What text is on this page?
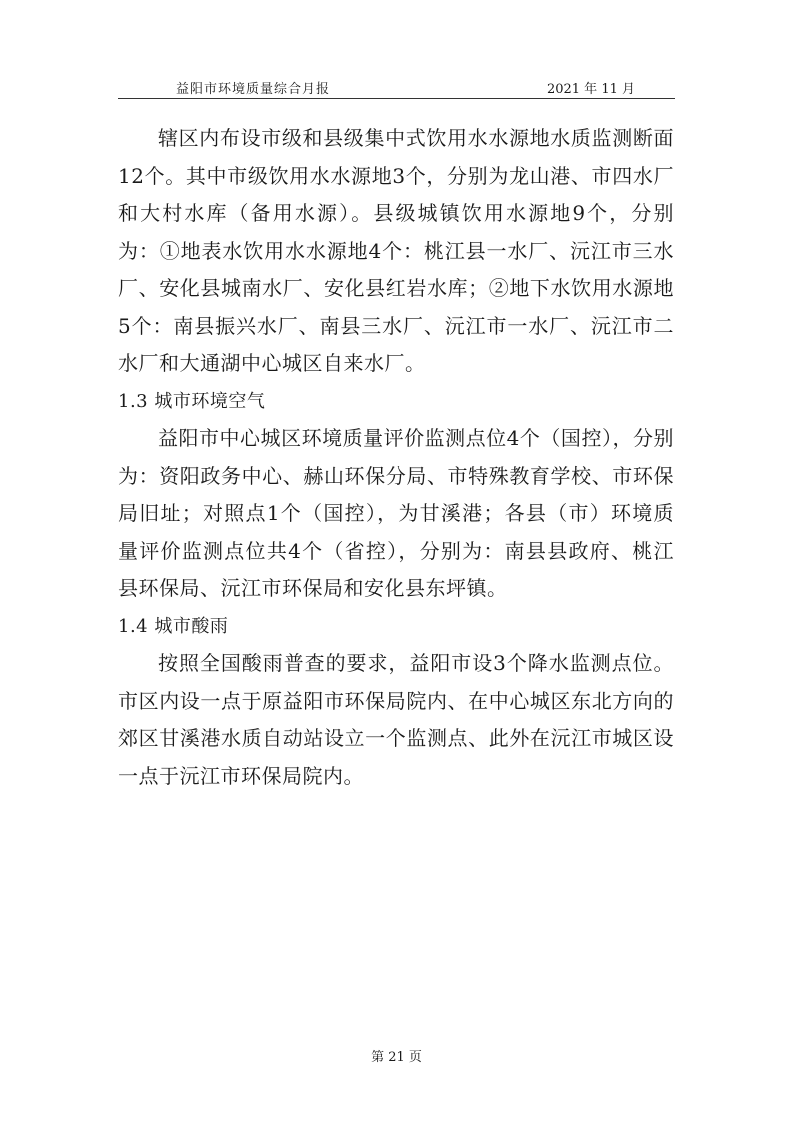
益阳市环境质量综合月报	2021 年 11 月

辖区内布设市级和县级集中式饮用水水源地水质监测断面12个。其中市级饮用水水源地3个，分别为龙山港、市四水厂和大村水库（备用水源）。县级城镇饮用水源地9个，分别为：①地表水饮用水水源地4个：桃江县一水厂、沅江市三水厂、安化县城南水厂、安化县红岩水库；②地下水饮用水源地5个：南县振兴水厂、南县三水厂、沅江市一水厂、沅江市二水厂和大通湖中心城区自来水厂。

1.3 城市环境空气

益阳市中心城区环境质量评价监测点位4个（国控），分别为：资阳政务中心、赫山环保分局、市特殊教育学校、市环保局旧址；对照点1个（国控），为甘溪港；各县（市）环境质量评价监测点位共4个（省控），分别为：南县县政府、桃江县环保局、沅江市环保局和安化县东坪镇。

1.4 城市酸雨

按照全国酸雨普查的要求，益阳市设3个降水监测点位。市区内设一点于原益阳市环保局院内、在中心城区东北方向的郊区甘溪港水质自动站设立一个监测点、此外在沅江市城区设一点于沅江市环保局院内。

第 21 页
